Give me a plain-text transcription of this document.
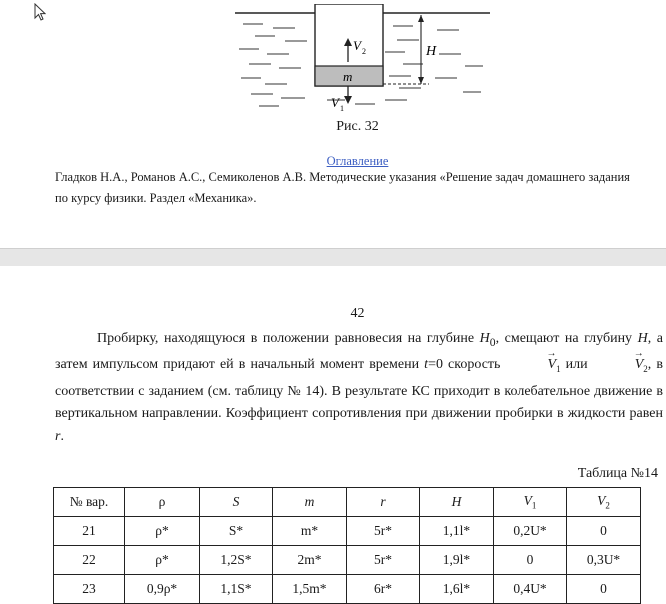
m
V 2
V 1
H
Рис. 32
Оглавление
Гладков Н.А., Романов А.С., Семиколенов А.В. Методические указания «Решение задач домашнего задания по курсу физики. Раздел «Механика».
42

Пробирку, находящуюся в положении равновесия на глубине $H_0$, смещают на глубину H, а затем импульсом придают ей в начальный момент времени t=0 скорость	→ $V_1$ или	→ $V_2$, в соответствии с заданием (см. таблицу № 14). В результате КС приходит в колебательное движение в вертикальном направлении. Коэффициент сопротивления при движении пробирки в жидкости равен r.

Таблица №14
№ вар.	ρ	S	m	r	H	$V_1$	$V_2$
21	ρ*	S*	m*	5r*	1,1l*	0,2U*	0
22	ρ*	1,2S*	2m*	5r*	1,9l*	0	0,3U*
23	0,9ρ*	1,1S*	1,5m*	6r*	1,6l*	0,4U*	0
